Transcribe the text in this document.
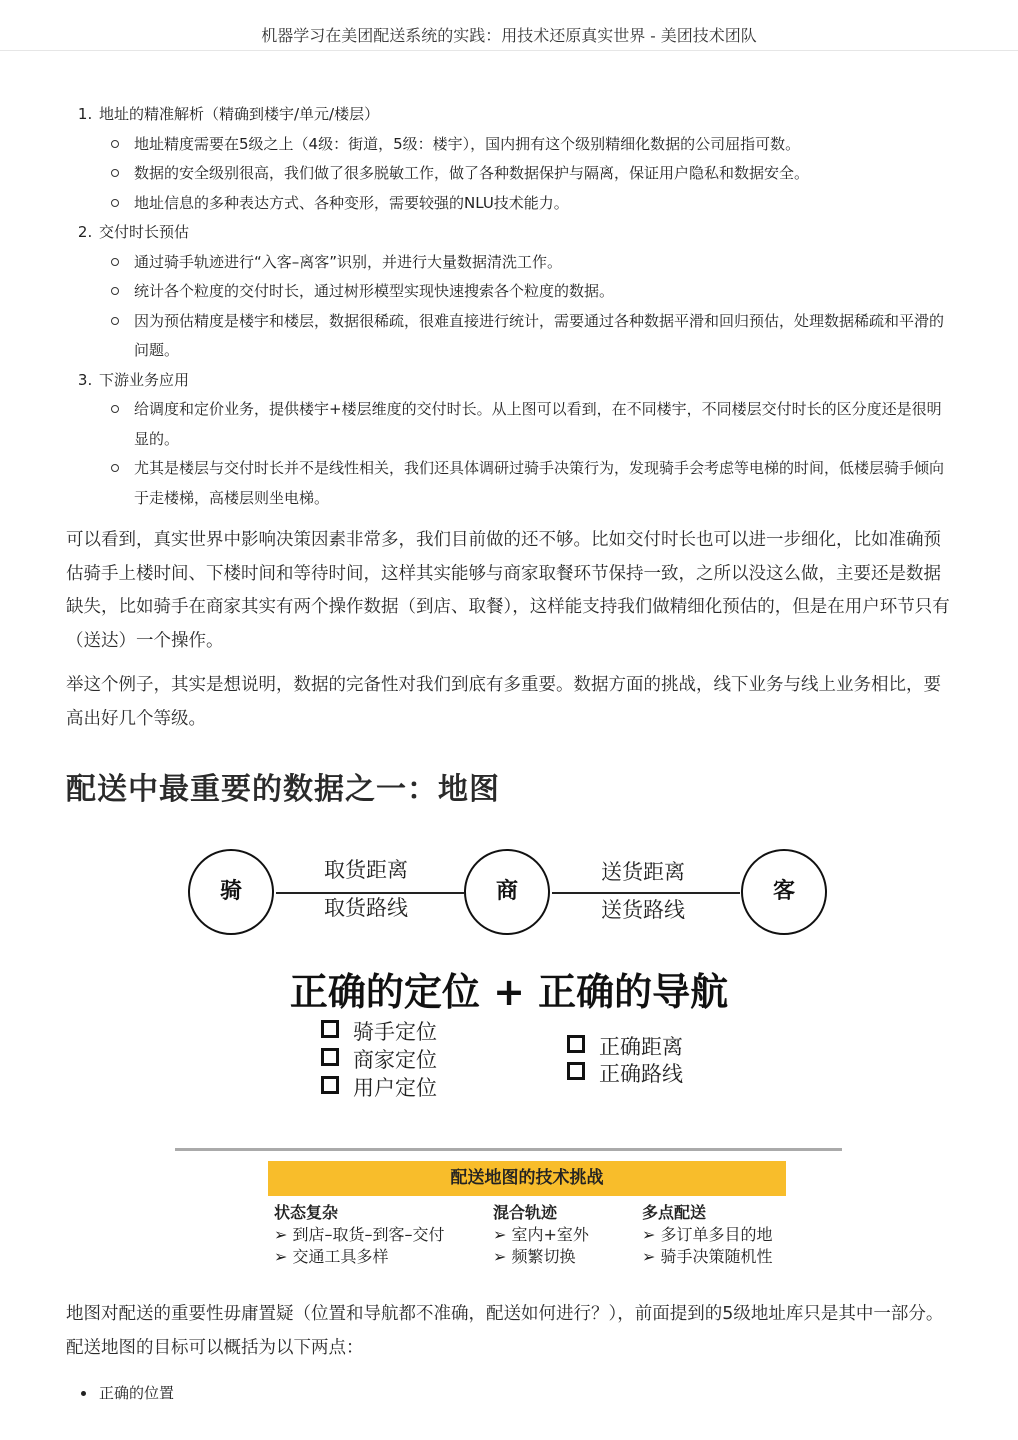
机器学习在美团配送系统的实践：用技术还原真实世界 - 美团技术团队
1. 地址的精准解析（精确到楼宇/单元/楼层）
地址精度需要在5级之上（4级：街道，5级：楼宇），国内拥有这个级别精细化数据的公司屈指可数。
数据的安全级别很高，我们做了很多脱敏工作，做了各种数据保护与隔离，保证用户隐私和数据安全。
地址信息的多种表达方式、各种变形，需要较强的NLU技术能力。
2. 交付时长预估
通过骑手轨迹进行“入客–离客”识别，并进行大量数据清洗工作。
统计各个粒度的交付时长，通过树形模型实现快速搜索各个粒度的数据。
因为预估精度是楼宇和楼层，数据很稀疏，很难直接进行统计，需要通过各种数据平滑和回归预估，处理数据稀疏和平滑的问题。
3. 下游业务应用
给调度和定价业务，提供楼宇+楼层维度的交付时长。从上图可以看到，在不同楼宇，不同楼层交付时长的区分度还是很明显的。
尤其是楼层与交付时长并不是线性相关，我们还具体调研过骑手决策行为，发现骑手会考虑等电梯的时间，低楼层骑手倾向于走楼梯，高楼层则坐电梯。

可以看到，真实世界中影响决策因素非常多，我们目前做的还不够。比如交付时长也可以进一步细化，比如准确预估骑手上楼时间、下楼时间和等待时间，这样其实能够与商家取餐环节保持一致，之所以没这么做，主要还是数据缺失，比如骑手在商家其实有两个操作数据（到店、取餐），这样能支持我们做精细化预估的，但是在用户环节只有（送达）一个操作。

举这个例子，其实是想说明，数据的完备性对我们到底有多重要。数据方面的挑战，线下业务与线上业务相比，要高出好几个等级。

配送中最重要的数据之一：地图
骑	商	客
取货距离
取货路线
送货距离
送货路线
正确的定位 + 正确的导航
骑手定位
商家定位
用户定位
正确距离
正确路线
配送地图的技术挑战
状态复杂
➢ 到店–取货–到客–交付
➢ 交通工具多样
混合轨迹
➢ 室内+室外
➢ 频繁切换
多点配送
➢ 多订单多目的地
➢ 骑手决策随机性

地图对配送的重要性毋庸置疑（位置和导航都不准确，配送如何进行？），前面提到的5级地址库只是其中一部分。配送地图的目标可以概括为以下两点：

• 正确的位置
